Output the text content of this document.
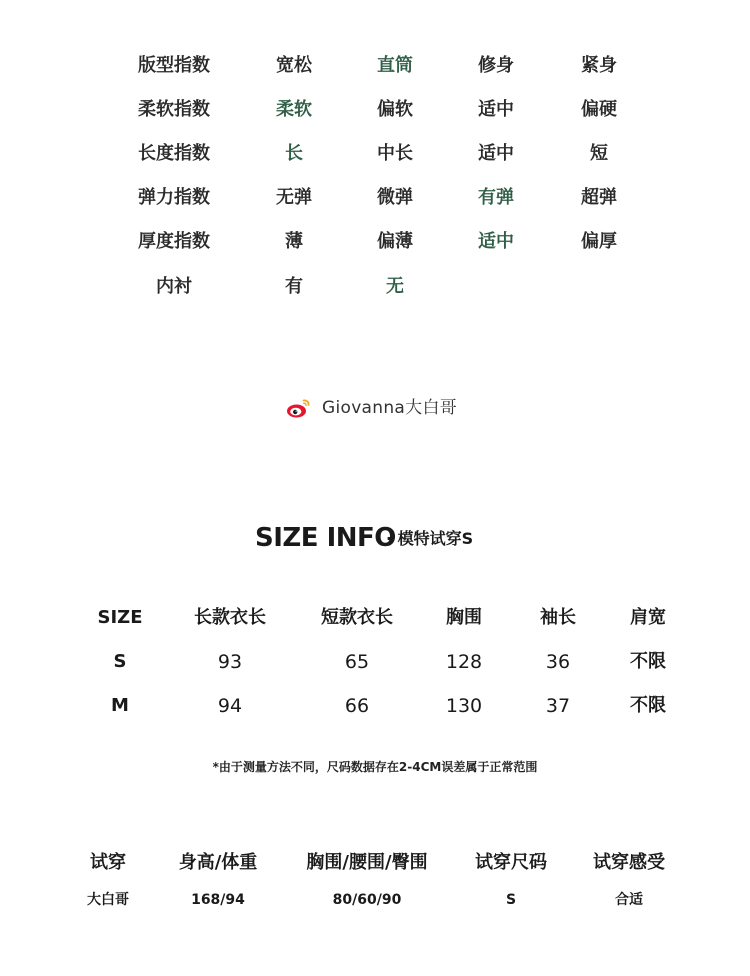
版型指数	宽松	直筒	修身	紧身
柔软指数	柔软	偏软	适中	偏硬
长度指数	长	中长	适中	短
弹力指数	无弹	微弹	有弹	超弹
厚度指数	薄	偏薄	适中	偏厚
内衬	有	无
Giovanna大白哥
SIZE INFO
· 模特试穿S
SIZE	长款衣长	短款衣长	胸围	袖长	肩宽
S	93	65	128	36	不限
M	94	66	130	37	不限
*由于测量方法不同，尺码数据存在2-4CM误差属于正常范围
试穿	身高/体重	胸围/腰围/臀围	试穿尺码	试穿感受
大白哥	168/94	80/60/90	S	合适
